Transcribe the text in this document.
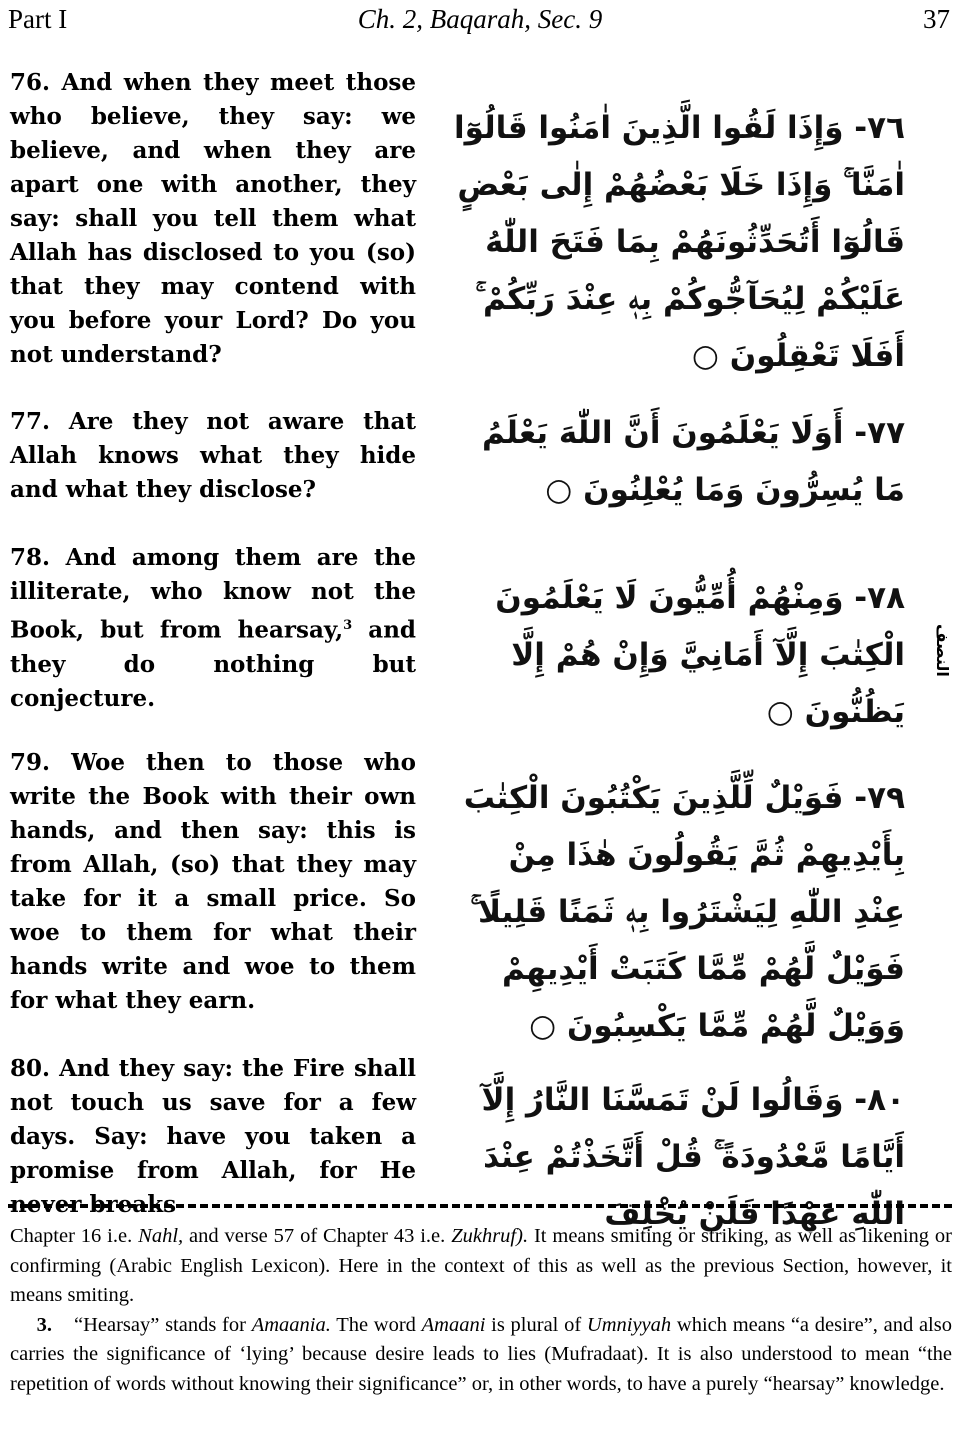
Part I	Ch. 2, Baqarah, Sec. 9	37
76. And when they meet those who believe, they say: we believe, and when they are apart one with another, they say: shall you tell them what Allah has disclosed to you (so) that they may contend with you before your Lord? Do you not understand?
٧٦- وَإِذَا لَقُوا الَّذِينَ اٰمَنُوا قَالُوٓا اٰمَنَّا ۚ وَإِذَا خَلَا بَعْضُهُمْ إِلٰى بَعْضٍ قَالُوٓا أَتُحَدِّثُونَهُمْ بِمَا فَتَحَ اللّٰهُ عَلَيْكُمْ لِيُحَآجُّوكُمْ بِهٖ عِنْدَ رَبِّكُمْ ۚ أَفَلَا تَعْقِلُونَ ○
77. Are they not aware that Allah knows what they hide and what they disclose?
٧٧- أَوَلَا يَعْلَمُونَ أَنَّ اللّٰهَ يَعْلَمُ مَا يُسِرُّونَ وَمَا يُعْلِنُونَ ○
78. And among them are the illiterate, who know not the Book, but from hearsay,$^3$ and they do nothing but conjecture.
٧٨- وَمِنْهُمْ أُمِّيُّونَ لَا يَعْلَمُونَ الْكِتٰبَ إِلَّآ أَمَانِيَّ وَإِنْ هُمْ إِلَّا يَظُنُّونَ ○
النصف
79. Woe then to those who write the Book with their own hands, and then say: this is from Allah, (so) that they may take for it a small price. So woe to them for what their hands write and woe to them for what they earn.
٧٩- فَوَيْلٌ لِّلَّذِينَ يَكْتُبُونَ الْكِتٰبَ بِأَيْدِيهِمْ ثُمَّ يَقُولُونَ هٰذَا مِنْ عِنْدِ اللّٰهِ لِيَشْتَرُوا بِهٖ ثَمَنًا قَلِيلًا ۚ فَوَيْلٌ لَّهُمْ مِّمَّا كَتَبَتْ أَيْدِيهِمْ وَوَيْلٌ لَّهُمْ مِّمَّا يَكْسِبُونَ ○
80. And they say: the Fire shall not touch us save for a few days. Say: have you taken a promise from Allah, for He never breaks
٨٠- وَقَالُوا لَنْ تَمَسَّنَا النَّارُ إِلَّآ أَيَّامًا مَّعْدُودَةً ۚ قُلْ أَتَّخَذْتُمْ عِنْدَ اللّٰهِ عَهْدًا فَلَنْ يُخْلِفَ

Chapter 16 i.e. Nahl, and verse 57 of Chapter 43 i.e. Zukhruf). It means smiting or striking, as well as likening or confirming (Arabic English Lexicon). Here in the context of this as well as the previous Section, however, it means smiting.

3. “Hearsay” stands for Amaania. The word Amaani is plural of Umniyyah which means “a desire”, and also carries the significance of ‘lying’ because desire leads to lies (Mufradaat). It is also understood to mean “the repetition of words without knowing their significance” or, in other words, to have a purely “hearsay” knowledge.
